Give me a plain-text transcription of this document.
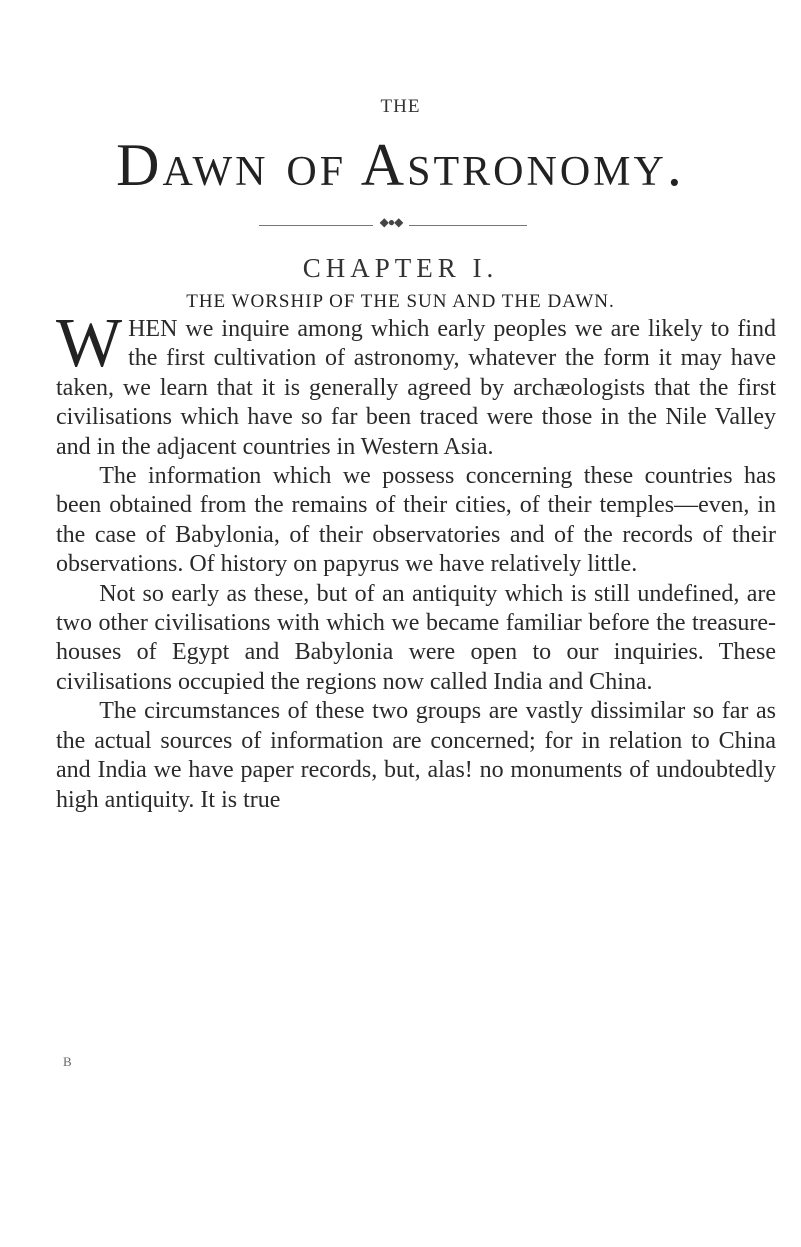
THE
Dawn of Astronomy.
◆●◆
CHAPTER I.
THE WORSHIP OF THE SUN AND THE DAWN.

WHEN we inquire among which early peoples we are likely to find the first cultivation of astronomy, whatever the form it may have taken, we learn that it is generally agreed by archæologists that the first civilisations which have so far been traced were those in the Nile Valley and in the adjacent countries in Western Asia.

The information which we possess concerning these countries has been obtained from the remains of their cities, of their temples—even, in the case of Babylonia, of their observatories and of the records of their observations. Of history on papyrus we have relatively little.

Not so early as these, but of an antiquity which is still undefined, are two other civilisations with which we became familiar before the treasure-houses of Egypt and Babylonia were open to our inquiries. These civilisations occupied the regions now called India and China.

The circumstances of these two groups are vastly dissimilar so far as the actual sources of information are concerned; for in relation to China and India we have paper records, but, alas! no monuments of undoubtedly high antiquity. It is true

B
